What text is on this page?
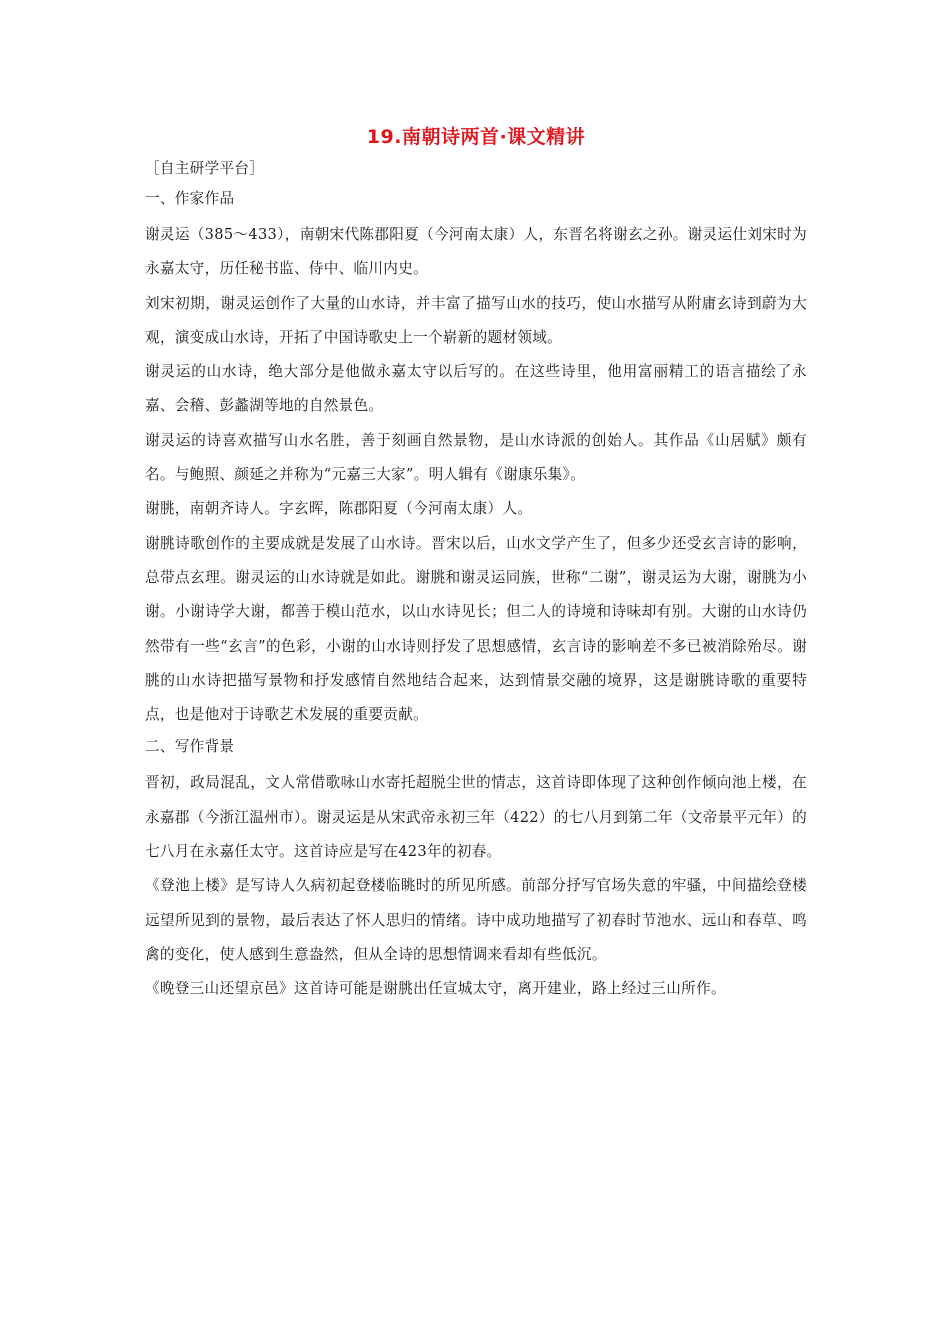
19.南朝诗两首·课文精讲
［自主研学平台］
一、作家作品

谢灵运（385～433），南朝宋代陈郡阳夏（今河南太康）人，东晋名将谢玄之孙。谢灵运仕刘宋时为永嘉太守，历任秘书监、侍中、临川内史。

刘宋初期，谢灵运创作了大量的山水诗，并丰富了描写山水的技巧，使山水描写从附庸玄诗到蔚为大观，演变成山水诗，开拓了中国诗歌史上一个崭新的题材领域。

谢灵运的山水诗，绝大部分是他做永嘉太守以后写的。在这些诗里，他用富丽精工的语言描绘了永嘉、会稽、彭蠡湖等地的自然景色。

谢灵运的诗喜欢描写山水名胜，善于刻画自然景物，是山水诗派的创始人。其作品《山居赋》颇有名。与鲍照、颜延之并称为“元嘉三大家”。明人辑有《谢康乐集》。

谢朓，南朝齐诗人。字玄晖，陈郡阳夏（今河南太康）人。

谢朓诗歌创作的主要成就是发展了山水诗。晋宋以后，山水文学产生了，但多少还受玄言诗的影响，总带点玄理。谢灵运的山水诗就是如此。谢朓和谢灵运同族，世称“二谢”，谢灵运为大谢，谢朓为小谢。小谢诗学大谢，都善于模山范水，以山水诗见长；但二人的诗境和诗味却有别。大谢的山水诗仍然带有一些“玄言”的色彩，小谢的山水诗则抒发了思想感情，玄言诗的影响差不多已被消除殆尽。谢朓的山水诗把描写景物和抒发感情自然地结合起来，达到情景交融的境界，这是谢朓诗歌的重要特点，也是他对于诗歌艺术发展的重要贡献。

二、写作背景

晋初，政局混乱，文人常借歌咏山水寄托超脱尘世的情志，这首诗即体现了这种创作倾向池上楼，在永嘉郡（今浙江温州市）。谢灵运是从宋武帝永初三年（422）的七八月到第二年（文帝景平元年）的七八月在永嘉任太守。这首诗应是写在423年的初春。

《登池上楼》是写诗人久病初起登楼临眺时的所见所感。前部分抒写官场失意的牢骚，中间描绘登楼远望所见到的景物，最后表达了怀人思归的情绪。诗中成功地描写了初春时节池水、远山和春草、鸣禽的变化，使人感到生意盎然，但从全诗的思想情调来看却有些低沉。

《晚登三山还望京邑》这首诗可能是谢朓出任宣城太守，离开建业，路上经过三山所作。
